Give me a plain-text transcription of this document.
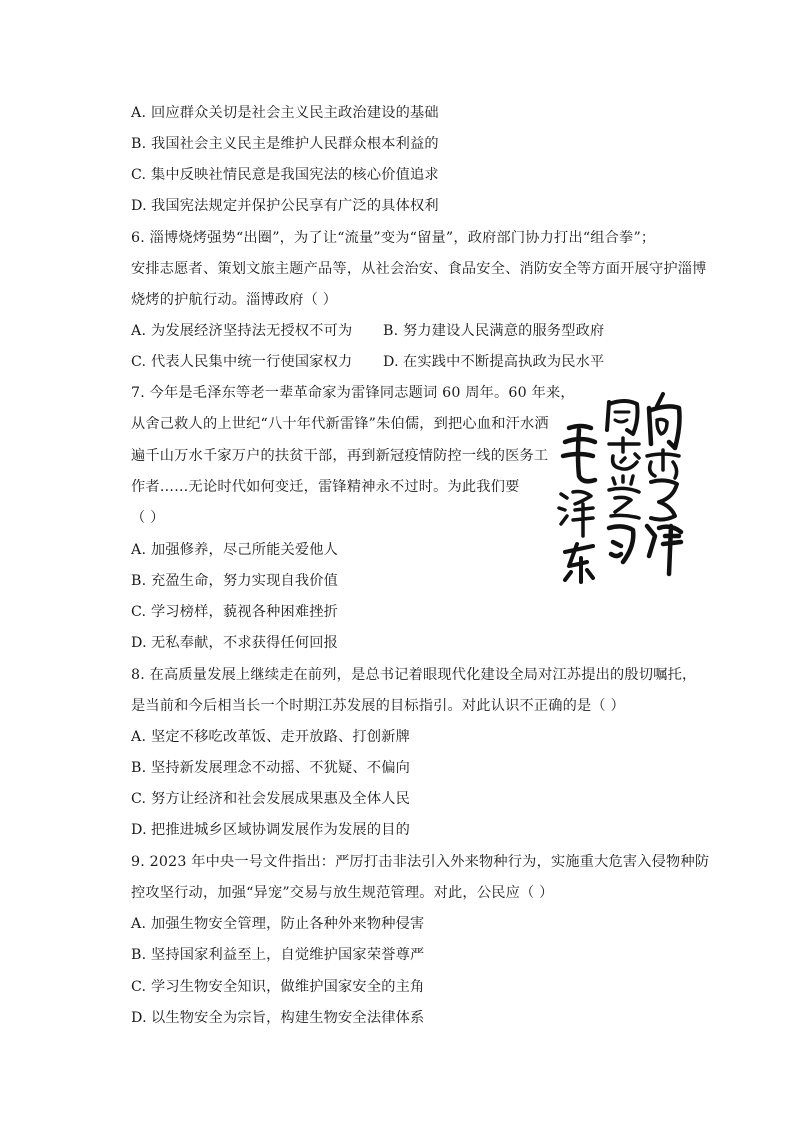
A. 回应群众关切是社会主义民主政治建设的基础
B. 我国社会主义民主是维护人民群众根本利益的
C. 集中反映社情民意是我国宪法的核心价值追求
D. 我国宪法规定并保护公民享有广泛的具体权利
6. 淄博烧烤强势“出圈”，为了让“流量”变为“留量”，政府部门协力打出“组合拳”；
安排志愿者、策划文旅主题产品等，从社会治安、食品安全、消防安全等方面开展守护淄博
烧烤的护航行动。淄博政府（ ）
A. 为发展经济坚持法无授权不可为 B. 努力建设人民满意的服务型政府
C. 代表人民集中统一行使国家权力 D. 在实践中不断提高执政为民水平
7. 今年是毛泽东等老一辈革命家为雷锋同志题词 60 周年。60 年来，
从舍己救人的上世纪“八十年代新雷锋”朱伯儒，到把心血和汗水洒
遍千山万水千家万户的扶贫干部，再到新冠疫情防控一线的医务工
作者……无论时代如何变迁，雷锋精神永不过时。为此我们要
（ ）
A. 加强修养，尽己所能关爱他人
B. 充盈生命，努力实现自我价值
C. 学习榜样，藐视各种困难挫折
D. 无私奉献，不求获得任何回报
8. 在高质量发展上继续走在前列，是总书记着眼现代化建设全局对江苏提出的殷切嘱托，
是当前和今后相当长一个时期江苏发展的目标指引。对此认识不正确的是（ ）
A. 坚定不移吃改革饭、走开放路、打创新牌
B. 坚持新发展理念不动摇、不犹疑、不偏向
C. 努方让经济和社会发展成果惠及全体人民
D. 把推进城乡区域协调发展作为发展的目的
9. 2023 年中央一号文件指出：严厉打击非法引入外来物种行为，实施重大危害入侵物种防
控攻坚行动，加强“异宠”交易与放生规范管理。对此，公民应（ ）
A. 加强生物安全管理，防止各种外来物种侵害
B. 坚持国家利益至上，自觉维护国家荣誉尊严
C. 学习生物安全知识，做维护国家安全的主角
D. 以生物安全为宗旨，构建生物安全法律体系
